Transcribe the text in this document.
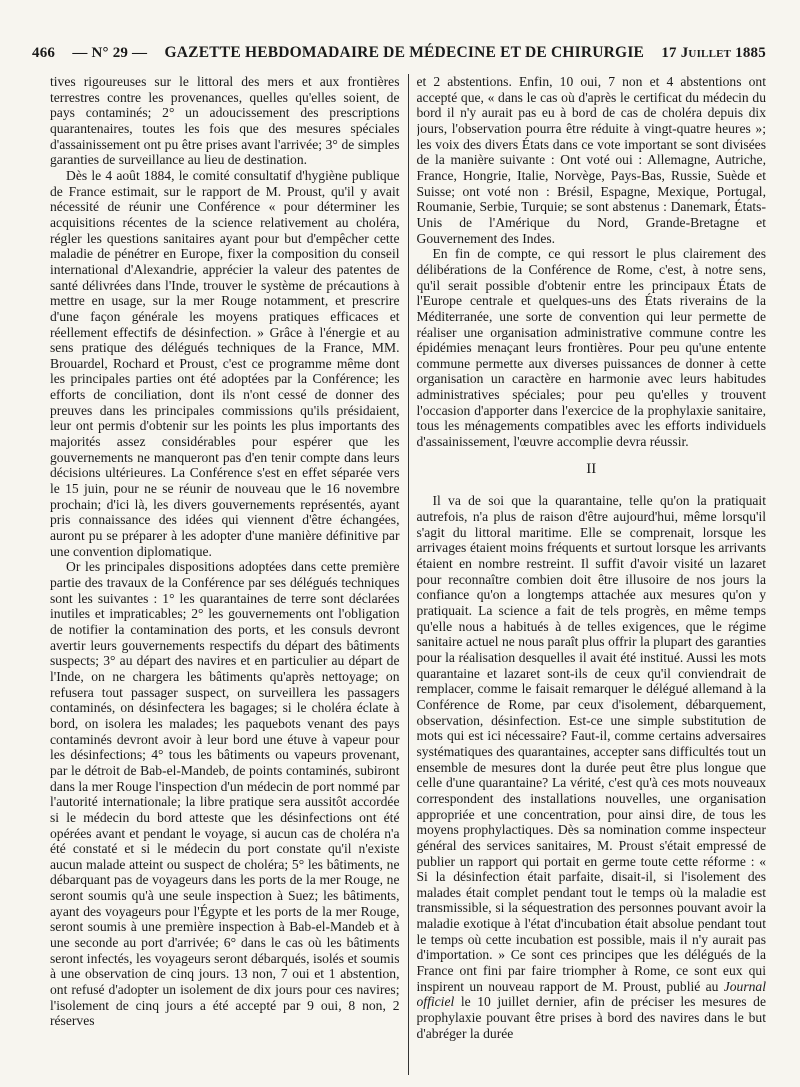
466 — N° 29 — GAZETTE HEBDOMADAIRE DE MÉDECINE ET DE CHIRURGIE 17 Juillet 1885

tives rigoureuses sur le littoral des mers et aux frontières terrestres contre les provenances, quelles qu'elles soient, de pays contaminés; 2° un adoucissement des prescriptions quarantenaires, toutes les fois que des mesures spéciales d'assainissement ont pu être prises avant l'arrivée; 3° de simples garanties de surveillance au lieu de destination.

Dès le 4 août 1884, le comité consultatif d'hygiène publique de France estimait, sur le rapport de M. Proust, qu'il y avait nécessité de réunir une Conférence « pour déterminer les acquisitions récentes de la science relativement au choléra, régler les questions sanitaires ayant pour but d'empêcher cette maladie de pénétrer en Europe, fixer la composition du conseil international d'Alexandrie, apprécier la valeur des patentes de santé délivrées dans l'Inde, trouver le système de précautions à mettre en usage, sur la mer Rouge notamment, et prescrire d'une façon générale les moyens pratiques efficaces et réellement effectifs de désinfection. » Grâce à l'énergie et au sens pratique des délégués techniques de la France, MM. Brouardel, Rochard et Proust, c'est ce programme même dont les principales parties ont été adoptées par la Conférence; les efforts de conciliation, dont ils n'ont cessé de donner des preuves dans les principales commissions qu'ils présidaient, leur ont permis d'obtenir sur les points les plus importants des majorités assez considérables pour espérer que les gouvernements ne manqueront pas d'en tenir compte dans leurs décisions ultérieures. La Conférence s'est en effet séparée vers le 15 juin, pour ne se réunir de nouveau que le 16 novembre prochain; d'ici là, les divers gouvernements représentés, ayant pris connaissance des idées qui viennent d'être échangées, auront pu se préparer à les adopter d'une manière définitive par une convention diplomatique.

Or les principales dispositions adoptées dans cette première partie des travaux de la Conférence par ses délégués techniques sont les suivantes : 1° les quarantaines de terre sont déclarées inutiles et impraticables; 2° les gouvernements ont l'obligation de notifier la contamination des ports, et les consuls devront avertir leurs gouvernements respectifs du départ des bâtiments suspects; 3° au départ des navires et en particulier au départ de l'Inde, on ne chargera les bâtiments qu'après nettoyage; on refusera tout passager suspect, on surveillera les passagers contaminés, on désinfectera les bagages; si le choléra éclate à bord, on isolera les malades; les paquebots venant des pays contaminés devront avoir à leur bord une étuve à vapeur pour les désinfections; 4° tous les bâtiments ou vapeurs provenant, par le détroit de Bab-el-Mandeb, de points contaminés, subiront dans la mer Rouge l'inspection d'un médecin de port nommé par l'autorité internationale; la libre pratique sera aussitôt accordée si le médecin du bord atteste que les désinfections ont été opérées avant et pendant le voyage, si aucun cas de choléra n'a été constaté et si le médecin du port constate qu'il n'existe aucun malade atteint ou suspect de choléra; 5° les bâtiments, ne débarquant pas de voyageurs dans les ports de la mer Rouge, ne seront soumis qu'à une seule inspection à Suez; les bâtiments, ayant des voyageurs pour l'Égypte et les ports de la mer Rouge, seront soumis à une première inspection à Bab-el-Mandeb et à une seconde au port d'arrivée; 6° dans le cas où les bâtiments seront infectés, les voyageurs seront débarqués, isolés et soumis à une observation de cinq jours. 13 non, 7 oui et 1 abstention, ont refusé d'adopter un isolement de dix jours pour ces navires; l'isolement de cinq jours a été accepté par 9 oui, 8 non, 2 réserves

et 2 abstentions. Enfin, 10 oui, 7 non et 4 abstentions ont accepté que, « dans le cas où d'après le certificat du médecin du bord il n'y aurait pas eu à bord de cas de choléra depuis dix jours, l'observation pourra être réduite à vingt-quatre heures »; les voix des divers États dans ce vote important se sont divisées de la manière suivante : Ont voté oui : Allemagne, Autriche, France, Hongrie, Italie, Norvège, Pays-Bas, Russie, Suède et Suisse; ont voté non : Brésil, Espagne, Mexique, Portugal, Roumanie, Serbie, Turquie; se sont abstenus : Danemark, États-Unis de l'Amérique du Nord, Grande-Bretagne et Gouvernement des Indes.

En fin de compte, ce qui ressort le plus clairement des délibérations de la Conférence de Rome, c'est, à notre sens, qu'il serait possible d'obtenir entre les principaux États de l'Europe centrale et quelques-uns des États riverains de la Méditerranée, une sorte de convention qui leur permette de réaliser une organisation administrative commune contre les épidémies menaçant leurs frontières. Pour peu qu'une entente commune permette aux diverses puissances de donner à cette organisation un caractère en harmonie avec leurs habitudes administratives spéciales; pour peu qu'elles y trouvent l'occasion d'apporter dans l'exercice de la prophylaxie sanitaire, tous les ménagements compatibles avec les efforts individuels d'assainissement, l'œuvre accomplie devra réussir.

II

Il va de soi que la quarantaine, telle qu'on la pratiquait autrefois, n'a plus de raison d'être aujourd'hui, même lorsqu'il s'agit du littoral maritime. Elle se comprenait, lorsque les arrivages étaient moins fréquents et surtout lorsque les arrivants étaient en nombre restreint. Il suffit d'avoir visité un lazaret pour reconnaître combien doit être illusoire de nos jours la confiance qu'on a longtemps attachée aux mesures qu'on y pratiquait. La science a fait de tels progrès, en même temps qu'elle nous a habitués à de telles exigences, que le régime sanitaire actuel ne nous paraît plus offrir la plupart des garanties pour la réalisation desquelles il avait été institué. Aussi les mots quarantaine et lazaret sont-ils de ceux qu'il conviendrait de remplacer, comme le faisait remarquer le délégué allemand à la Conférence de Rome, par ceux d'isolement, débarquement, observation, désinfection. Est-ce une simple substitution de mots qui est ici nécessaire? Faut-il, comme certains adversaires systématiques des quarantaines, accepter sans difficultés tout un ensemble de mesures dont la durée peut être plus longue que celle d'une quarantaine? La vérité, c'est qu'à ces mots nouveaux correspondent des installations nouvelles, une organisation appropriée et une concentration, pour ainsi dire, de tous les moyens prophylactiques. Dès sa nomination comme inspecteur général des services sanitaires, M. Proust s'était empressé de publier un rapport qui portait en germe toute cette réforme : « Si la désinfection était parfaite, disait-il, si l'isolement des malades était complet pendant tout le temps où la maladie est transmissible, si la séquestration des personnes pouvant avoir la maladie exotique à l'état d'incubation était absolue pendant tout le temps où cette incubation est possible, mais il n'y aurait pas d'importation. » Ce sont ces principes que les délégués de la France ont fini par faire triompher à Rome, ce sont eux qui inspirent un nouveau rapport de M. Proust, publié au Journal officiel le 10 juillet dernier, afin de préciser les mesures de prophylaxie pouvant être prises à bord des navires dans le but d'abréger la durée
